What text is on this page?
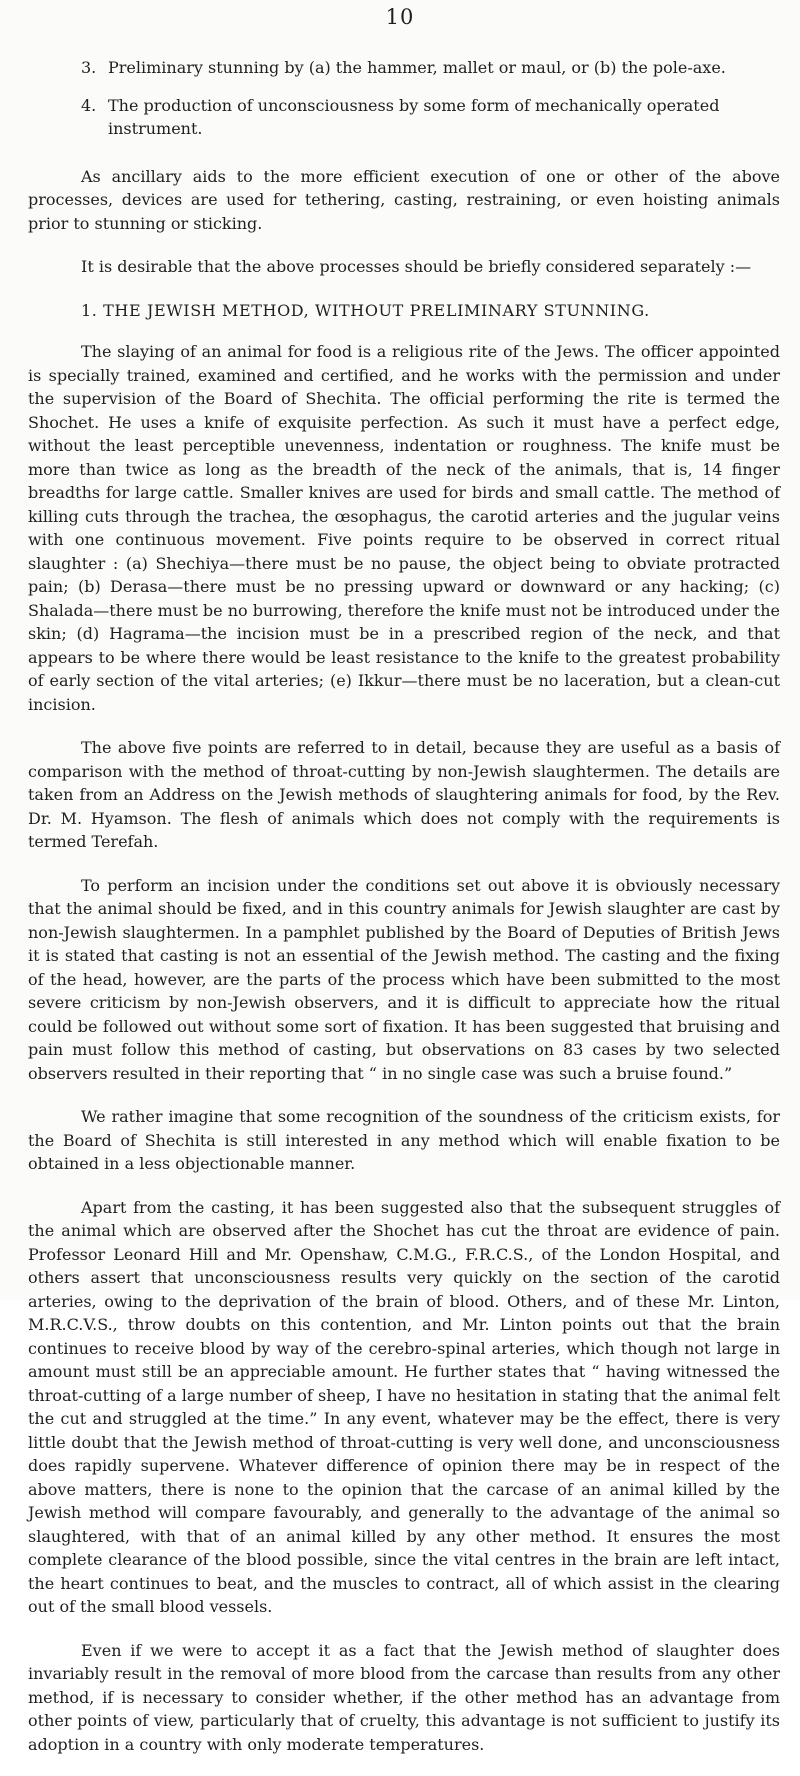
10
3. Preliminary stunning by (a) the hammer, mallet or maul, or (b) the pole-axe.
4. The production of unconsciousness by some form of mechanically operated instrument.

As ancillary aids to the more efficient execution of one or other of the above processes, devices are used for tethering, casting, restraining, or even hoisting animals prior to stunning or sticking.

It is desirable that the above processes should be briefly considered separately :—

1. THE JEWISH METHOD, WITHOUT PRELIMINARY STUNNING.

The slaying of an animal for food is a religious rite of the Jews. The officer appointed is specially trained, examined and certified, and he works with the permission and under the supervision of the Board of Shechita. The official performing the rite is termed the Shochet. He uses a knife of exquisite perfection. As such it must have a perfect edge, without the least perceptible unevenness, indentation or roughness. The knife must be more than twice as long as the breadth of the neck of the animals, that is, 14 finger breadths for large cattle. Smaller knives are used for birds and small cattle. The method of killing cuts through the trachea, the œsophagus, the carotid arteries and the jugular veins with one continuous movement. Five points require to be observed in correct ritual slaughter : (a) Shechiya—there must be no pause, the object being to obviate protracted pain; (b) Derasa—there must be no pressing upward or downward or any hacking; (c) Shalada—there must be no burrowing, therefore the knife must not be introduced under the skin; (d) Hagrama—the incision must be in a prescribed region of the neck, and that appears to be where there would be least resistance to the knife to the greatest probability of early section of the vital arteries; (e) Ikkur—there must be no laceration, but a clean-cut incision.

The above five points are referred to in detail, because they are useful as a basis of comparison with the method of throat-cutting by non-Jewish slaughtermen. The details are taken from an Address on the Jewish methods of slaughtering animals for food, by the Rev. Dr. M. Hyamson. The flesh of animals which does not comply with the requirements is termed Terefah.

To perform an incision under the conditions set out above it is obviously necessary that the animal should be fixed, and in this country animals for Jewish slaughter are cast by non-Jewish slaughtermen. In a pamphlet published by the Board of Deputies of British Jews it is stated that casting is not an essential of the Jewish method. The casting and the fixing of the head, however, are the parts of the process which have been submitted to the most severe criticism by non-Jewish observers, and it is difficult to appreciate how the ritual could be followed out without some sort of fixation. It has been suggested that bruising and pain must follow this method of casting, but observations on 83 cases by two selected observers resulted in their reporting that “ in no single case was such a bruise found.”

We rather imagine that some recognition of the soundness of the criticism exists, for the Board of Shechita is still interested in any method which will enable fixation to be obtained in a less objectionable manner.

Apart from the casting, it has been suggested also that the subsequent struggles of the animal which are observed after the Shochet has cut the throat are evidence of pain. Professor Leonard Hill and Mr. Openshaw, C.M.G., F.R.C.S., of the London Hospital, and others assert that unconsciousness results very quickly on the section of the carotid arteries, owing to the deprivation of the brain of blood. Others, and of these Mr. Linton, M.R.C.V.S., throw doubts on this contention, and Mr. Linton points out that the brain continues to receive blood by way of the cerebro-spinal arteries, which though not large in amount must still be an appreciable amount. He further states that “ having witnessed the throat-cutting of a large number of sheep, I have no hesitation in stating that the animal felt the cut and struggled at the time.” In any event, whatever may be the effect, there is very little doubt that the Jewish method of throat-cutting is very well done, and unconsciousness does rapidly supervene. Whatever difference of opinion there may be in respect of the above matters, there is none to the opinion that the carcase of an animal killed by the Jewish method will compare favourably, and generally to the advantage of the animal so slaughtered, with that of an animal killed by any other method. It ensures the most complete clearance of the blood possible, since the vital centres in the brain are left intact, the heart continues to beat, and the muscles to contract, all of which assist in the clearing out of the small blood vessels.

Even if we were to accept it as a fact that the Jewish method of slaughter does invariably result in the removal of more blood from the carcase than results from any other method, if is necessary to consider whether, if the other method has an advantage from other points of view, particularly that of cruelty, this advantage is not sufficient to justify its adoption in a country with only moderate temperatures.
